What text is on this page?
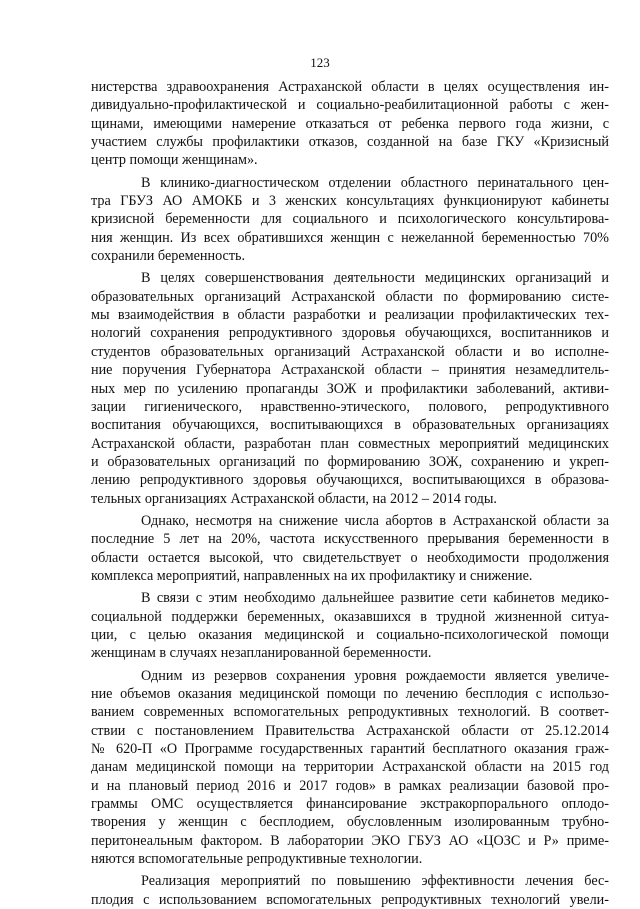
123
нистерства здравоохранения Астраханской области в целях осуществления ин-
дивидуально-профилактической и социально-реабилитационной работы с жен-
щинами, имеющими намерение отказаться от ребенка первого года жизни, с
участием службы профилактики отказов, созданной на базе ГКУ «Кризисный
центр помощи женщинам».
В клинико-диагностическом отделении областного перинатального цен-
тра ГБУЗ АО АМОКБ и 3 женских консультациях функционируют кабинеты
кризисной беременности для социального и психологического консультирова-
ния женщин. Из всех обратившихся женщин с нежеланной беременностью 70%
сохранили беременность.
В целях совершенствования деятельности медицинских организаций и
образовательных организаций Астраханской области по формированию систе-
мы взаимодействия в области разработки и реализации профилактических тех-
нологий сохранения репродуктивного здоровья обучающихся, воспитанников и
студентов образовательных организаций Астраханской области и во исполне-
ние поручения Губернатора Астраханской области – принятия незамедлитель-
ных мер по усилению пропаганды ЗОЖ и профилактики заболеваний, активи-
зации гигиенического, нравственно-этического, полового, репродуктивного
воспитания обучающихся, воспитывающихся в образовательных организациях
Астраханской области, разработан план совместных мероприятий медицинских
и образовательных организаций по формированию ЗОЖ, сохранению и укреп-
лению репродуктивного здоровья обучающихся, воспитывающихся в образова-
тельных организациях Астраханской области, на 2012 – 2014 годы.
Однако, несмотря на снижение числа абортов в Астраханской области за
последние 5 лет на 20%, частота искусственного прерывания беременности в
области остается высокой, что свидетельствует о необходимости продолжения
комплекса мероприятий, направленных на их профилактику и снижение.
В связи с этим необходимо дальнейшее развитие сети кабинетов медико-
социальной поддержки беременных, оказавшихся в трудной жизненной ситуа-
ции, с целью оказания медицинской и социально-психологической помощи
женщинам в случаях незапланированной беременности.
Одним из резервов сохранения уровня рождаемости является увеличе-
ние объемов оказания медицинской помощи по лечению бесплодия с использо-
ванием современных вспомогательных репродуктивных технологий. В соответ-
ствии с постановлением Правительства Астраханской области от 25.12.2014
№ 620-П «О Программе государственных гарантий бесплатного оказания граж-
данам медицинской помощи на территории Астраханской области на 2015 год
и на плановый период 2016 и 2017 годов» в рамках реализации базовой про-
граммы ОМС осуществляется финансирование экстракорпорального оплодо-
творения у женщин с бесплодием, обусловленным изолированным трубно-
перитонеальным фактором. В лаборатории ЭКО ГБУЗ АО «ЦОЗС и Р» приме-
няются вспомогательные репродуктивные технологии.
Реализация мероприятий по повышению эффективности лечения бес-
плодия с использованием вспомогательных репродуктивных технологий увели-
